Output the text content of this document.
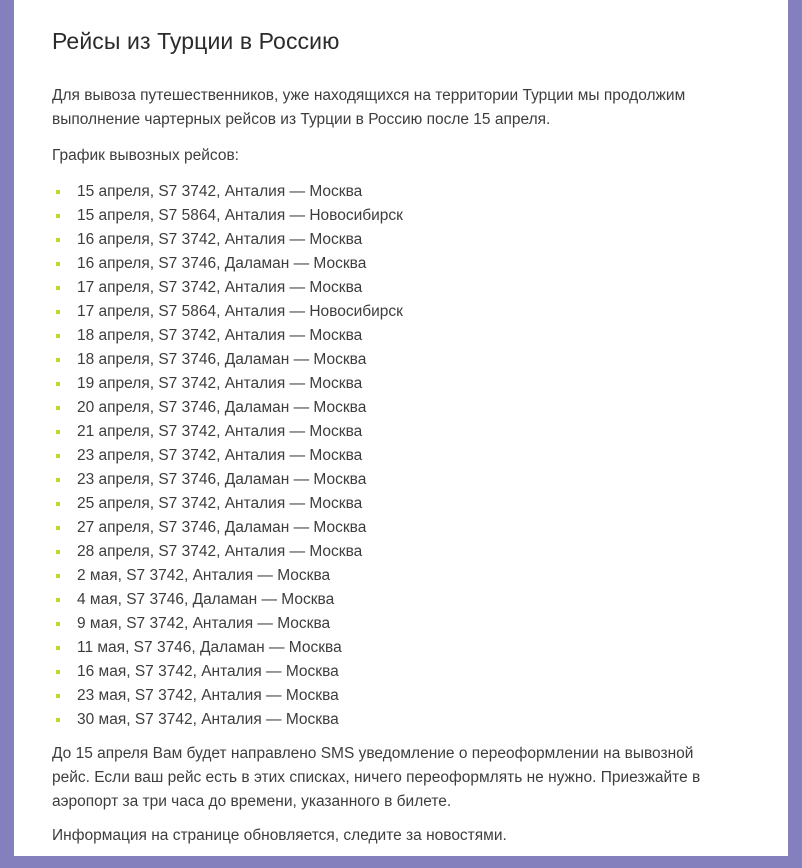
Рейсы из Турции в Россию

Для вывоза путешественников, уже находящихся на территории Турции мы продолжим выполнение чартерных рейсов из Турции в Россию после 15 апреля.

График вывозных рейсов:

15 апреля, S7 3742, Анталия — Москва
15 апреля, S7 5864, Анталия — Новосибирск
16 апреля, S7 3742, Анталия — Москва
16 апреля, S7 3746, Даламан — Москва
17 апреля, S7 3742, Анталия — Москва
17 апреля, S7 5864, Анталия — Новосибирск
18 апреля, S7 3742, Анталия — Москва
18 апреля, S7 3746, Даламан — Москва
19 апреля, S7 3742, Анталия — Москва
20 апреля, S7 3746, Даламан — Москва
21 апреля, S7 3742, Анталия — Москва
23 апреля, S7 3742, Анталия — Москва
23 апреля, S7 3746, Даламан — Москва
25 апреля, S7 3742, Анталия — Москва
27 апреля, S7 3746, Даламан — Москва
28 апреля, S7 3742, Анталия — Москва
2 мая, S7 3742, Анталия — Москва
4 мая, S7 3746, Даламан — Москва
9 мая, S7 3742, Анталия — Москва
11 мая, S7 3746, Даламан — Москва
16 мая, S7 3742, Анталия — Москва
23 мая, S7 3742, Анталия — Москва
30 мая, S7 3742, Анталия — Москва

До 15 апреля Вам будет направлено SMS уведомление о переоформлении на вывозной рейс. Если ваш рейс есть в этих списках, ничего переоформлять не нужно. Приезжайте в аэропорт за три часа до времени, указанного в билете.

Информация на странице обновляется, следите за новостями.
